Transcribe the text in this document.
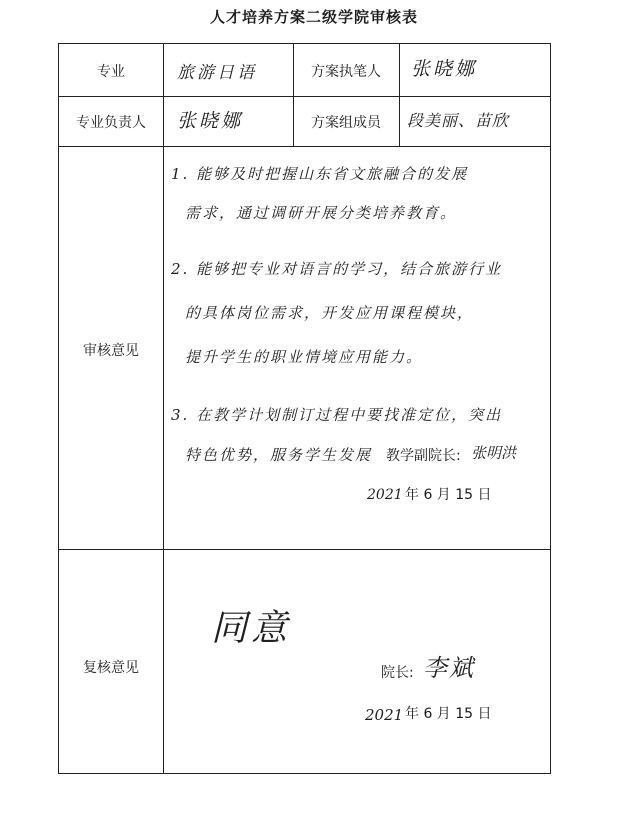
人才培养方案二级学院审核表
专业	旅游日语	方案执笔人	张晓娜
专业负责人	张晓娜	方案组成员	段美丽、苗欣
审核意见
1. 能够及时把握山东省文旅融合的发展
需求，通过调研开展分类培养教育。
2. 能够把专业对语言的学习，结合旅游行业
的具体岗位需求，开发应用课程模块，
提升学生的职业情境应用能力。
3. 在教学计划制订过程中要找准定位，突出
特色优势，服务学生发展 教学副院长: 张明洪
2021 年 6 月 15 日
复核意见
同意
院长: 李斌
2021 年 6 月 15 日
